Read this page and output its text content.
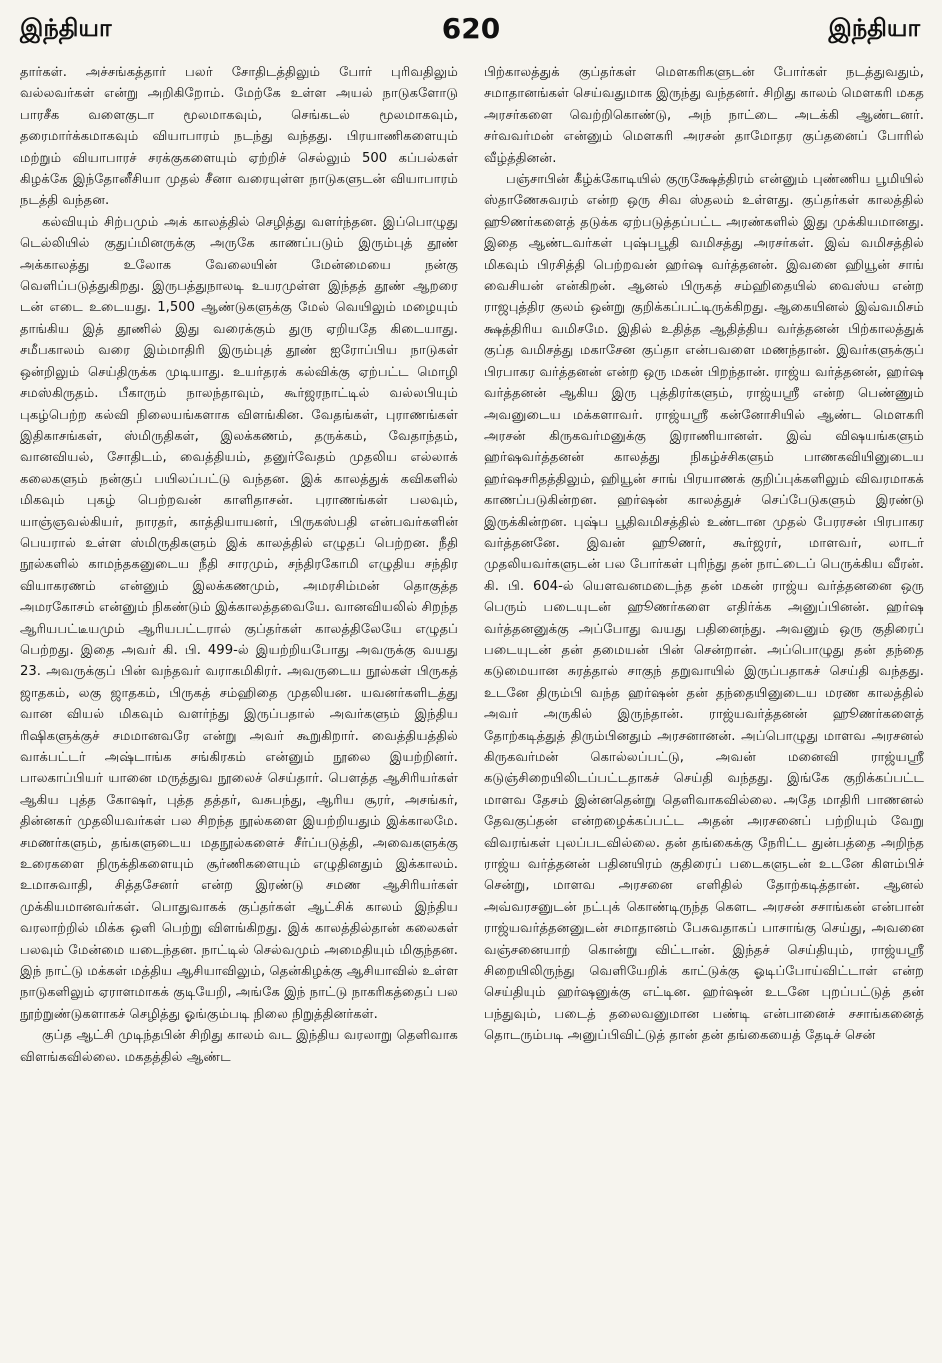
இந்தியா	620	இந்தியா

தார்கள். அச்சங்கத்தார் பலர் சோதிடத்திலும் போர் புரிவதிலும் வல்லவர்கள் என்று அறிகிறோம். மேற்கே உள்ள அயல் நாடுகளோடு பாரசீக வளைகுடா மூலமாகவும், செங்கடல் மூலமாகவும், தரைமார்க்கமாகவும் வியாபாரம் நடந்து வந்தது. பிரயாணிகளையும் மற்றும் வியாபாரச் சரக்குகளையும் ஏற்றிச் செல்லும் 500 கப்பல்கள் கிழக்கே இந்தோனீசியா முதல் சீனா வரையுள்ள நாடுகளுடன் வியாபாரம் நடத்தி வந்தன.

கல்வியும் சிற்பமும் அக் காலத்தில் செழித்து வளர்ந்தன. இப்பொழுது டெல்லியில் குதுப்மினருக்கு அருகே காணப்படும் இரும்புத் தூண் அக்காலத்து உலோக வேலையின் மேன்மையை நன்கு வெளிப்படுத்துகிறது. இருபத்துநாலடி உயரமுள்ள இந்தத் தூண் ஆறரை டன் எடை உடையது. 1,500 ஆண்டுகளுக்கு மேல் வெயிலும் மழையும் தாங்கிய இத் தூணில் இது வரைக்கும் துரு ஏறியதே கிடையாது. சமீபகாலம் வரை இம்மாதிரி இரும்புத் தூண் ஐரோப்பிய நாடுகள் ஒன்றிலும் செய்திருக்க முடியாது. உயர்தரக் கல்விக்கு ஏற்பட்ட மொழி சமஸ்கிருதம். பீகாரும் நாலந்தாவும், கூர்ஜரநாட்டில் வல்லபியும் புகழ்பெற்ற கல்வி நிலையங்களாக விளங்கின. வேதங்கள், புராணங்கள் இதிகாசங்கள், ஸ்மிருதிகள், இலக்கணம், தருக்கம், வேதாந்தம், வானவியல், சோதிடம், வைத்தியம், தனுர்வேதம் முதலிய எல்லாக் கலைகளும் நன்குப் பயிலப்பட்டு வந்தன. இக் காலத்துக் கவிகளில் மிகவும் புகழ் பெற்றவன் காளிதாசன். புராணங்கள் பலவும், யாஞ்ஞவல்கியர், நாரதர், காத்தியாயனர், பிருகஸ்பதி என்பவர்களின் பெயரால் உள்ள ஸ்மிருதிகளும் இக் காலத்தில் எழுதப் பெற்றன. நீதி நூல்களில் காமந்தகனுடைய நீதி சாரமும், சந்திரகோமி எழுதிய சந்திர வியாகரணம் என்னும் இலக்கணமும், அமரசிம்மன் தொகுத்த அமரகோசம் என்னும் நிகண்டும் இக்காலத்தவையே. வானவியலில் சிறந்த ஆரியபட்டீயமும் ஆரியபட்டரால் குப்தர்கள் காலத்திலேயே எழுதப் பெற்றது. இதை அவர் கி. பி. 499-ல் இயற்றியபோது அவருக்கு வயது 23. அவருக்குப் பின் வந்தவர் வராகமிகிரர். அவருடைய நூல்கள் பிருகத் ஜாதகம், லகு ஜாதகம், பிருகத் சம்ஹிதை முதலியன. யவனர்களிடத்து வான வியல் மிகவும் வளர்ந்து இருப்பதால் அவர்களும் இந்திய ரிஷிகளுக்குச் சமமானவரே என்று அவர் கூறுகிறார். வைத்தியத்தில் வாக்பட்டர் அஷ்டாங்க சங்கிரகம் என்னும் நூலை இயற்றினர். பாலகாப்பியர் யானை மருத்துவ நூலைச் செய்தார். பௌத்த ஆசிரியர்கள் ஆகிய புத்த கோஷர், புத்த தத்தர், வசுபந்து, ஆரிய சூரர், அசங்கர், தின்னகர் முதலியவர்கள் பல சிறந்த நூல்களை இயற்றியதும் இக்காலமே. சமணர்களும், தங்களுடைய மதநூல்களைச் சீர்ப்படுத்தி, அவைகளுக்கு உரைகளை நிருக்திகளையும் சூர்ணிகளையும் எழுதினதும் இக்காலம். உமாசுவாதி, சித்தசேனர் என்ற இரண்டு சமண ஆசிரியர்கள் முக்கியமானவர்கள். பொதுவாகக் குப்தர்கள் ஆட்சிக் காலம் இந்திய வரலாற்றில் மிக்க ஒளி பெற்று விளங்கிறது. இக் காலத்தில்தான் கலைகள் பலவும் மேன்மை யடைந்தன. நாட்டில் செல்வமும் அமைதியும் மிகுந்தன. இந் நாட்டு மக்கள் மத்திய ஆசியாவிலும், தென்கிழக்கு ஆசியாவில் உள்ள நாடுகளிலும் ஏராளமாகக் குடியேறி, அங்கே இந் நாட்டு நாகரிகத்தைப் பல நூற்றுண்டுகளாகச் செழித்து ஓங்கும்படி நிலை நிறுத்தினர்கள்.

குப்த ஆட்சி முடிந்தபின் சிறிது காலம் வட இந்திய வரலாறு தெளிவாக விளங்கவில்லை. மகதத்தில் ஆண்ட

பிற்காலத்துக் குப்தர்கள் மௌகரிகளுடன் போர்கள் நடத்துவதும், சமாதானங்கள் செய்வதுமாக இருந்து வந்தனர். சிறிது காலம் மௌகரி மகத அரசர்களை வெற்றிகொண்டு, அந் நாட்டை அடக்கி ஆண்டனர். சர்வவர்மன் என்னும் மௌகரி அரசன் தாமோதர குப்தனைப் போரில் வீழ்த்தினன்.

பஞ்சாபின் கீழ்க்கோடியில் குருக்ஷேத்திரம் என்னும் புண்ணிய பூமியில் ஸ்தாணேசுவரம் என்ற ஒரு சிவ ஸ்தலம் உள்ளது. குப்தர்கள் காலத்தில் ஹூணர்களைத் தடுக்க ஏற்படுத்தப்பட்ட அரண்களில் இது முக்கியமானது. இதை ஆண்டவர்கள் புஷ்பபூதி வமிசத்து அரசர்கள். இவ் வமிசத்தில் மிகவும் பிரசித்தி பெற்றவன் ஹர்ஷ வர்த்தனன். இவனை ஹியூன் சாங் வைசியன் என்கிறன். ஆனல் பிருகத் சம்ஹிதையில் வைஸ்ய என்ற ராஜபுத்திர குலம் ஒன்று குறிக்கப்பட்டிருக்கிறது. ஆகையினல் இவ்வமிசம் க்ஷத்திரிய வமிசமே. இதில் உதித்த ஆதித்திய வர்த்தனன் பிற்காலத்துக் குப்த வமிசத்து மகாசேன குப்தா என்பவளை மணந்தான். இவர்களுக்குப் பிரபாகர வர்த்தனன் என்ற ஒரு மகன் பிறந்தான். ராஜ்ய வர்த்தனன், ஹர்ஷ வர்த்தனன் ஆகிய இரு புத்திரர்களும், ராஜ்யஸ்ரீ என்ற பெண்ணும் அவனுடைய மக்களாவர். ராஜ்யஸ்ரீ கன்னோசியில் ஆண்ட மௌகரி அரசன் கிருகவர்மனுக்கு இராணியானள். இவ் விஷயங்களும் ஹர்ஷவர்த்தனன் காலத்து நிகழ்ச்சிகளும் பாணகவியினுடைய ஹர்ஷசரிதத்திலும், ஹியூன் சாங் பிரயாணக் குறிப்புக்களிலும் விவரமாகக் காணப்படுகின்றன. ஹர்ஷன் காலத்துச் செப்பேடுகளும் இரண்டு இருக்கின்றன. புஷ்ப பூதிவமிசத்தில் உண்டான முதல் பேரரசன் பிரபாகர வர்த்தனனே. இவன் ஹூணர், கூர்ஜரர், மாளவர், லாடர் முதலியவர்களுடன் பல போர்கள் புரிந்து தன் நாட்டைப் பெருக்கிய வீரன். கி. பி. 604-ல் யௌவனமடைந்த தன் மகன் ராஜ்ய வர்த்தனனை ஒரு பெரும் படையுடன் ஹூணர்களை எதிர்க்க அனுப்பினன். ஹர்ஷ வர்த்தனனுக்கு அப்போது வயது பதினைந்து. அவனும் ஒரு குதிரைப் படையுடன் தன் தமையன் பின் சென்றான். அப்பொழுது தன் தந்தை கடுமையான சுரத்தால் சாகுந் தறுவாயில் இருப்பதாகச் செய்தி வந்தது. உடனே திரும்பி வந்த ஹர்ஷன் தன் தந்தையினுடைய மரண காலத்தில் அவர் அருகில் இருந்தான். ராஜ்யவர்த்தனன் ஹூணர்களைத் தோற்கடித்துத் திரும்பினதும் அரசனானன். அப்பொழுது மாளவ அரசனல் கிருகவர்மன் கொல்லப்பட்டு, அவன் மனைவி ராஜ்யஸ்ரீ கடுஞ்சிறையிலிடப்பட்டதாகச் செய்தி வந்தது. இங்கே குறிக்கப்பட்ட மாளவ தேசம் இன்னதென்று தெளிவாகவில்லை. அதே மாதிரி பாணனல் தேவகுப்தன் என்றழைக்கப்பட்ட அதன் அரசனைப் பற்றியும் வேறு விவரங்கள் புலப்படவில்லை. தன் தங்கைக்கு நேரிட்ட துன்பத்தை அறிந்த ராஜ்ய வர்த்தனன் பதினயிரம் குதிரைப் படைகளுடன் உடனே கிளம்பிச் சென்று, மாளவ அரசனை எளிதில் தோற்கடித்தான். ஆனல் அவ்வரசனுடன் நட்புக் கொண்டிருந்த கௌட அரசன் சசாங்கன் என்பான் ராஜ்யவர்த்தனனுடன் சமாதானம் பேசுவதாகப் பாசாங்கு செய்து, அவனை வஞ்சனையாற் கொன்று விட்டான். இந்தச் செய்தியும், ராஜ்யஸ்ரீ சிறையிலிருந்து வெளியேறிக் காட்டுக்கு ஓடிப்போய்விட்டாள் என்ற செய்தியும் ஹர்ஷனுக்கு எட்டின. ஹர்ஷன் உடனே புறப்பட்டுத் தன் பந்துவும், படைத் தலைவனுமான பண்டி என்பானைச் சசாங்கனைத் தொடரும்படி அனுப்பிவிட்டுத் தான் தன் தங்கையைத் தேடிச் சென்
